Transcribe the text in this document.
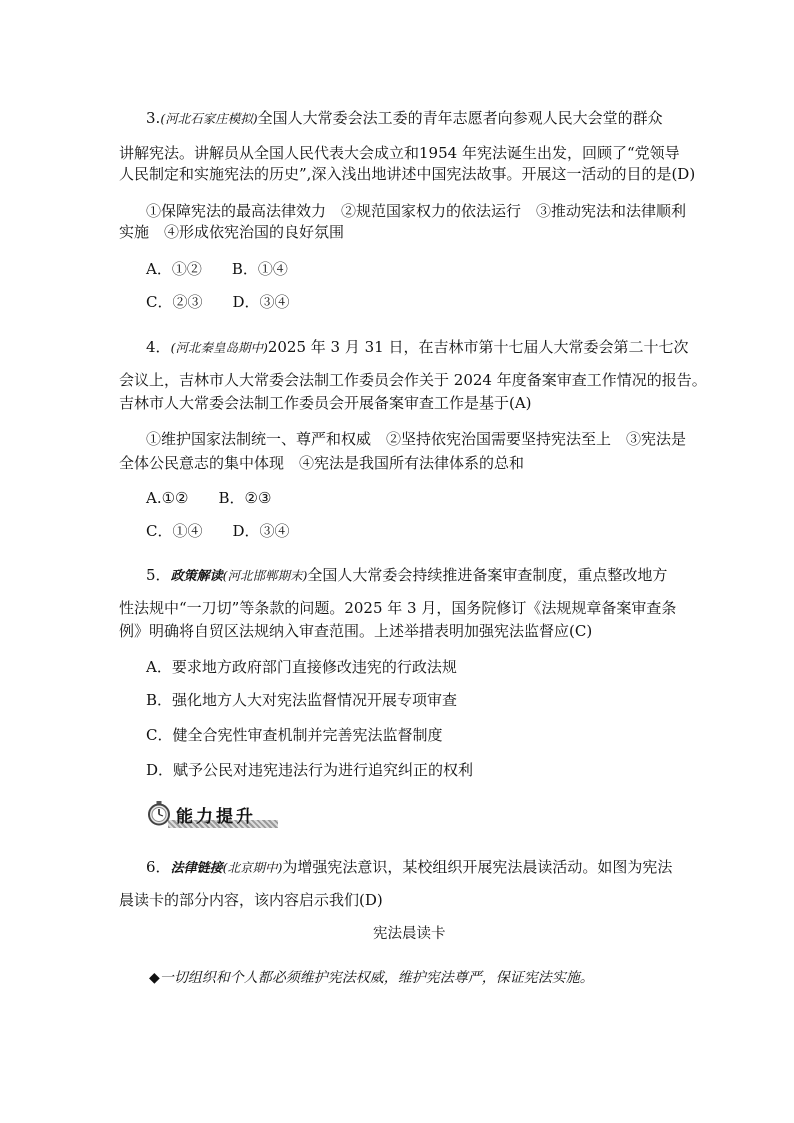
3.(河北石家庄模拟)全国人大常委会法工委的青年志愿者向参观人民大会堂的群众
讲解宪法。讲解员从全国人民代表大会成立和1954 年宪法诞生出发，回顾了“党领导
人民制定和实施宪法的历史”,深入浅出地讲述中国宪法故事。开展这一活动的目的是(D)
①保障宪法的最高法律效力　②规范国家权力的依法运行　③推动宪法和法律顺利
实施　④形成依宪治国的良好氛围
A．①②　　B．①④
C．②③　　D．③④
4．(河北秦皇岛期中)2025 年 3 月 31 日，在吉林市第十七届人大常委会第二十七次
会议上，吉林市人大常委会法制工作委员会作关于 2024 年度备案审查工作情况的报告。
吉林市人大常委会法制工作委员会开展备案审查工作是基于(A)
①维护国家法制统一、尊严和权威　②坚持依宪治国需要坚持宪法至上　③宪法是
全体公民意志的集中体现　④宪法是我国所有法律体系的总和
A.①②　　B．②③
C．①④　　D．③④
5．政策解读(河北邯郸期末)全国人大常委会持续推进备案审查制度，重点整改地方
性法规中“一刀切”等条款的问题。2025 年 3 月，国务院修订《法规规章备案审查条
例》明确将自贸区法规纳入审查范围。上述举措表明加强宪法监督应(C)
A．要求地方政府部门直接修改违宪的行政法规
B．强化地方人大对宪法监督情况开展专项审查
C．健全合宪性审查机制并完善宪法监督制度
D．赋予公民对违宪违法行为进行追究纠正的权利
能力提升
6．法律链接(北京期中)为增强宪法意识，某校组织开展宪法晨读活动。如图为宪法
晨读卡的部分内容，该内容启示我们(D)
宪法晨读卡
◆一切组织和个人都必须维护宪法权威，维护宪法尊严，保证宪法实施。
